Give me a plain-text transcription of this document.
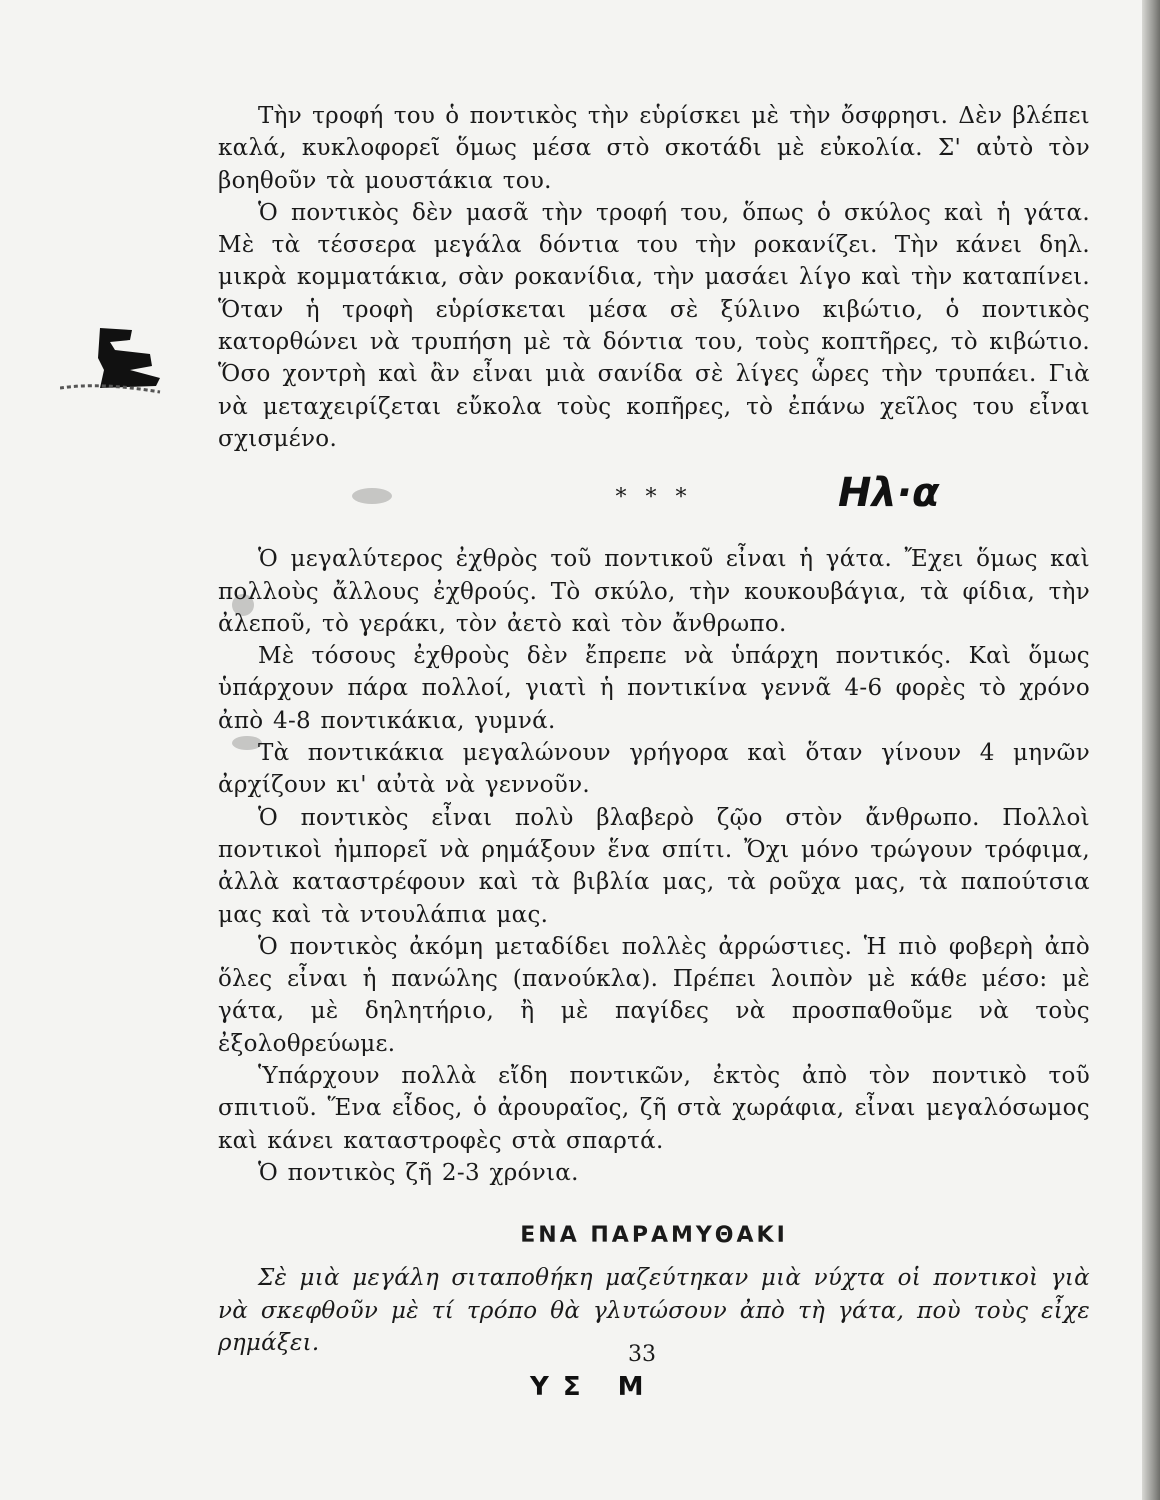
Ηλ·α

Τὴν τροφή του ὁ ποντικὸς τὴν εὑρίσκει μὲ τὴν ὄσφρησι. Δὲν βλέπει καλά, κυκλοφορεῖ ὅμως μέσα στὸ σκοτάδι μὲ εὐκολία. Σ' αὐτὸ τὸν βοηθοῦν τὰ μουστάκια του.

Ὁ ποντικὸς δὲν μασᾶ τὴν τροφή του, ὅπως ὁ σκύλος καὶ ἡ γάτα. Μὲ τὰ τέσσερα μεγάλα δόντια του τὴν ροκανίζει. Τὴν κάνει δηλ. μικρὰ κομματάκια, σὰν ροκανίδια, τὴν μασάει λίγο καὶ τὴν καταπίνει. Ὅταν ἡ τροφὴ εὑρίσκεται μέσα σὲ ξύλινο κιβώτιο, ὁ ποντικὸς κατορθώνει νὰ τρυπήση μὲ τὰ δόντια του, τοὺς κοπτῆρες, τὸ κιβώτιο. Ὅσο χοντρὴ καὶ ἂν εἶναι μιὰ σανίδα σὲ λίγες ὧρες τὴν τρυπάει. Γιὰ νὰ μεταχειρίζεται εὔκολα τοὺς κοπῆρες, τὸ ἐπάνω χεῖλος του εἶναι σχισμένο.

* * *

Ὁ μεγαλύτερος ἐχθρὸς τοῦ ποντικοῦ εἶναι ἡ γάτα. Ἔχει ὅμως καὶ πολλοὺς ἄλλους ἐχθρούς. Τὸ σκύλο, τὴν κουκουβάγια, τὰ φίδια, τὴν ἀλεποῦ, τὸ γεράκι, τὸν ἀετὸ καὶ τὸν ἄνθρωπο.

Μὲ τόσους ἐχθροὺς δὲν ἔπρεπε νὰ ὑπάρχη ποντικός. Καὶ ὅμως ὑπάρχουν πάρα πολλοί, γιατὶ ἡ ποντικίνα γεννᾶ 4-6 φορὲς τὸ χρόνο ἀπὸ 4-8 ποντικάκια, γυμνά.

Τὰ ποντικάκια μεγαλώνουν γρήγορα καὶ ὅταν γίνουν 4 μηνῶν ἀρχίζουν κι' αὐτὰ νὰ γεννοῦν.

Ὁ ποντικὸς εἶναι πολὺ βλαβερὸ ζῷο στὸν ἄνθρωπο. Πολλοὶ ποντικοὶ ἠμπορεῖ νὰ ρημάξουν ἕνα σπίτι. Ὄχι μόνο τρώγουν τρόφιμα, ἀλλὰ καταστρέφουν καὶ τὰ βιβλία μας, τὰ ροῦχα μας, τὰ παπούτσια μας καὶ τὰ ντουλάπια μας.

Ὁ ποντικὸς ἀκόμη μεταδίδει πολλὲς ἀρρώστιες. Ἡ πιὸ φοβερὴ ἀπὸ ὅλες εἶναι ἡ πανώλης (πανούκλα). Πρέπει λοιπὸν μὲ κάθε μέσο: μὲ γάτα, μὲ δηλητήριο, ἢ μὲ παγίδες νὰ προσπαθοῦμε νὰ τοὺς ἐξολοθρεύωμε.

Ὑπάρχουν πολλὰ εἴδη ποντικῶν, ἐκτὸς ἀπὸ τὸν ποντικὸ τοῦ σπιτιοῦ. Ἕνα εἶδος, ὁ ἀρουραῖος, ζῆ στὰ χωράφια, εἶναι μεγαλόσωμος καὶ κάνει καταστροφὲς στὰ σπαρτά.

Ὁ ποντικὸς ζῆ 2-3 χρόνια.

ΕΝΑ ΠΑΡΑΜΥΘΑΚΙ

Σὲ μιὰ μεγάλη σιταποθήκη μαζεύτηκαν μιὰ νύχτα οἱ ποντικοὶ γιὰ νὰ σκεφθοῦν μὲ τί τρόπο θὰ γλυτώσουν ἀπὸ τὴ γάτα, ποὺ τοὺς εἶχε ρημάξει.	33
ΥΣ Μ
